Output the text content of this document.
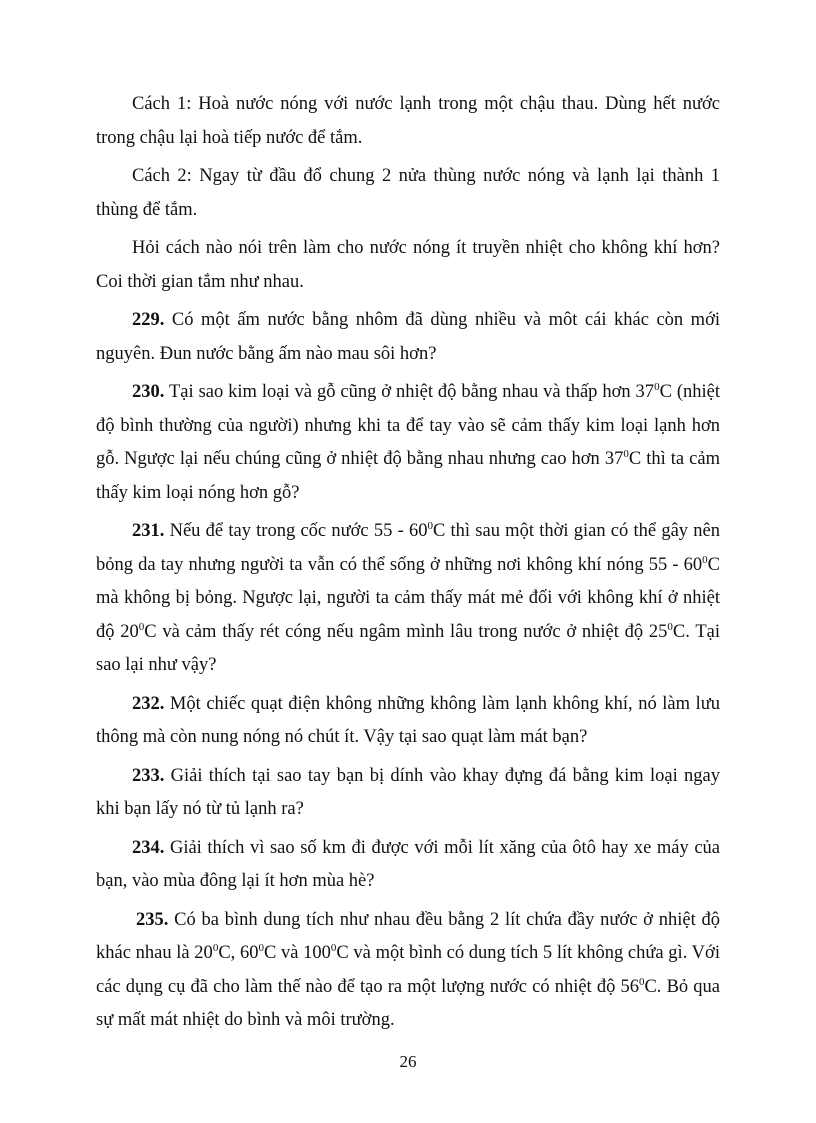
Cách 1: Hoà nước nóng với nước lạnh trong một chậu thau. Dùng hết nước trong chậu lại hoà tiếp nước để tắm.

Cách 2: Ngay từ đầu đổ chung 2 nửa thùng nước nóng và lạnh lại thành 1 thùng để tắm.

Hỏi cách nào nói trên làm cho nước nóng ít truyền nhiệt cho không khí hơn? Coi thời gian tắm như nhau.

229. Có một ấm nước bằng nhôm đã dùng nhiều và môt cái khác còn mới nguyên. Đun nước bằng ấm nào mau sôi hơn?

230. Tại sao kim loại và gỗ cũng ở nhiệt độ bằng nhau và thấp hơn $37^0C$ (nhiệt độ bình thường của người) nhưng khi ta để tay vào sẽ cảm thấy kim loại lạnh hơn gỗ. Ngược lại nếu chúng cũng ở nhiệt độ bằng nhau nhưng cao hơn $37^0C$ thì ta cảm thấy kim loại nóng hơn gỗ?

231. Nếu để tay trong cốc nước $55 - 60^0C$ thì sau một thời gian có thể gây nên bỏng da tay nhưng người ta vẫn có thể sống ở những nơi không khí nóng $55 - 60^0C$ mà không bị bỏng. Ngược lại, người ta cảm thấy mát mẻ đối với không khí ở nhiệt độ $20^0C$ và cảm thấy rét cóng nếu ngâm mình lâu trong nước ở nhiệt độ $25^0C$. Tại sao lại như vậy?

232. Một chiếc quạt điện không những không làm lạnh không khí, nó làm lưu thông mà còn nung nóng nó chút ít. Vậy tại sao quạt làm mát bạn?

233. Giải thích tại sao tay bạn bị dính vào khay đựng đá bằng kim loại ngay khi bạn lấy nó từ tủ lạnh ra?

234. Giải thích vì sao số km đi được với mỗi lít xăng của ôtô hay xe máy của bạn, vào mùa đông lại ít hơn mùa hè?

235. Có ba bình dung tích như nhau đều bằng 2 lít chứa đầy nước ở nhiệt độ khác nhau là $20^0C$, $60^0C$ và $100^0C$ và một bình có dung tích 5 lít không chứa gì. Với các dụng cụ đã cho làm thế nào để tạo ra một lượng nước có nhiệt độ $56^0C$. Bỏ qua sự mất mát nhiệt do bình và môi trường.

26
